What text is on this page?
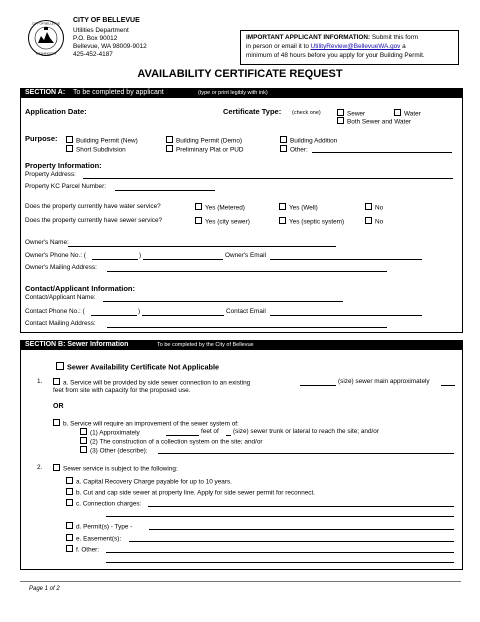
CITY OF BELLEVUE
WASHINGTON
CITY OF BELLEVUE
Utilities Department
P.O. Box 90012
Bellevue, WA 98009-9012
425-452-4187
IMPORTANT APPLICANT INFORMATION: Submit this form
in person or email it to UtilityReview@BellevueWA.gov a
minimum of 48 hours before you apply for your Building Permit.
AVAILABILITY CERTIFICATE REQUEST
SECTION A: To be completed by applicant	(type or print legibly with ink)
Application Date:	Certificate Type: (check one)	Sewer	Water
Both Sewer and Water
Purpose:	Building Permit (New)	Building Permit (Demo)	Building Addition
Short Subdivision	Preliminary Plat or PUD	Other:
Property Information:
Property Address:
Property KC Parcel Number:
Does the property currently have water service?	Yes (Metered)	Yes (Well)	No
Does the property currently have sewer service?	Yes (city sewer)	Yes (septic system)	No
Owner's Name:
Owner's Phone No.: (	)	Owner's Email
Owner's Mailing Address:
Contact/Applicant Information:
Contact/Applicant Name:
Contact Phone No.: (	)	Contact Email
Contact Mailing Address:
SECTION B: Sewer Information	To be completed by the City of Bellevue
Sewer Availability Certificate Not Applicable
1.	a. Service will be provided by side sewer connection to an existing	(size) sewer main approximately
feet from site with capacity for the proposed use.
OR
b. Service will require an improvement of the sewer system of:
(1) Approximately	feet of (size) sewer trunk or lateral to reach the site; and/or
(2) The construction of a collection system on the site; and/or
(3) Other (describe):
2.	Sewer service is subject to the following:
a. Capital Recovery Charge payable for up to 10 years.
b. Cut and cap side sewer at property line. Apply for side sewer permit for reconnect.
c. Connection charges:
d. Permit(s) - Type -
e. Easement(s):
f. Other:
Page 1 of 2
